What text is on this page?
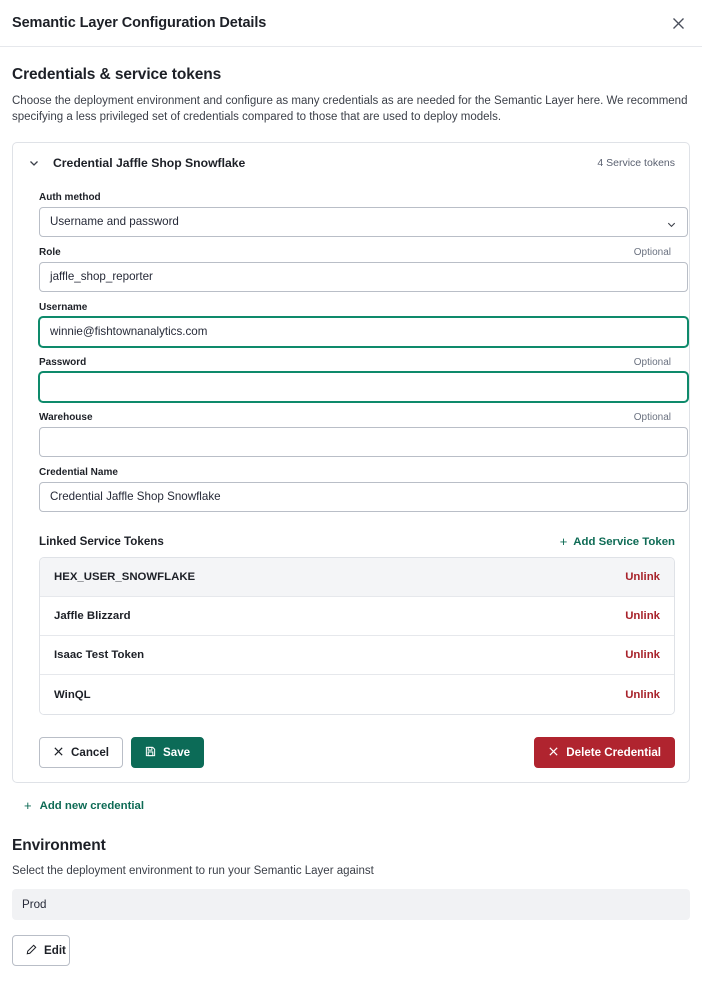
Semantic Layer Configuration Details
Credentials & service tokens

Choose the deployment environment and configure as many credentials as are needed for the Semantic Layer here. We recommend specifying a less privileged set of credentials compared to those that are used to deploy models.

Credential Jaffle Shop Snowflake	4 Service tokens
Auth method
Username and password
Role	Optional
jaffle_shop_reporter
Username
winnie@fishtownanalytics.com
Password	Optional
Warehouse	Optional
Credential Name
Credential Jaffle Shop Snowflake
Linked Service Tokens	+ Add Service Token
HEX_USER_SNOWFLAKE	Unlink
Jaffle Blizzard	Unlink
Isaac Test Token	Unlink
WinQL	Unlink
Cancel	Save	Delete Credential
+ Add new credential
Environment

Select the deployment environment to run your Semantic Layer against

Prod
Edit
